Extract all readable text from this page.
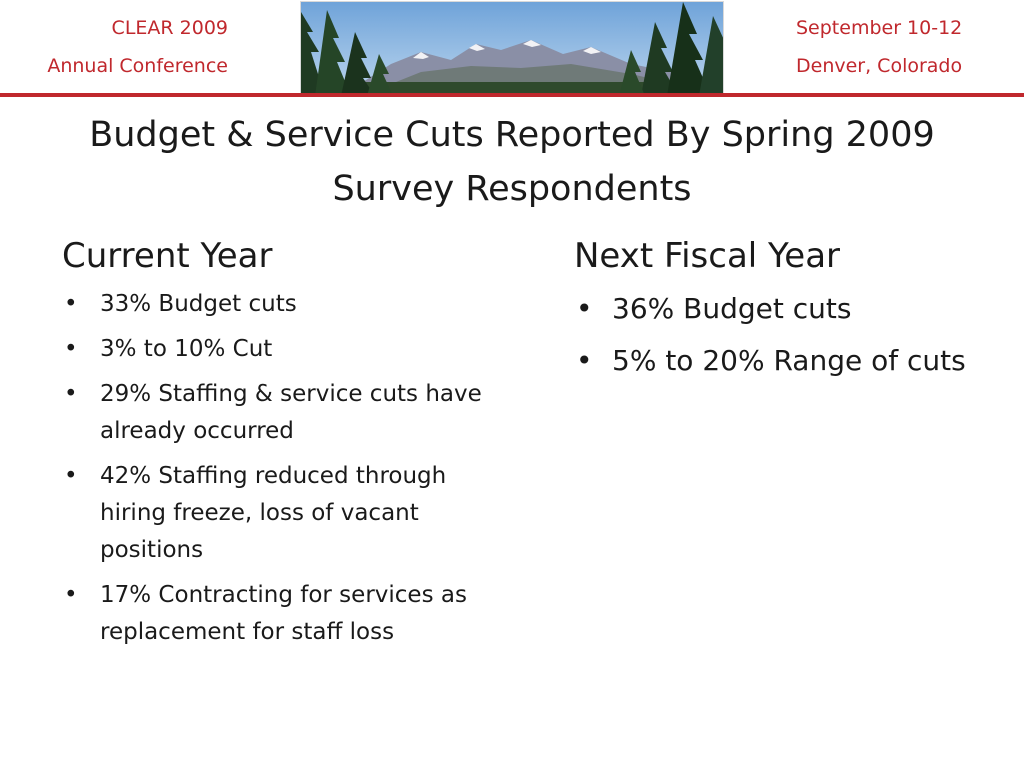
CLEAR 2009
Annual Conference
September 10-12
Denver, Colorado
Budget & Service Cuts Reported By Spring 2009 Survey Respondents
Current Year
• 33% Budget cuts
• 3% to 10% Cut
• 29% Staffing & service cuts have already occurred
• 42% Staffing reduced through hiring freeze, loss of vacant positions
• 17% Contracting for services as replacement for staff loss
Next Fiscal Year
• 36% Budget cuts
• 5% to 20% Range of cuts
